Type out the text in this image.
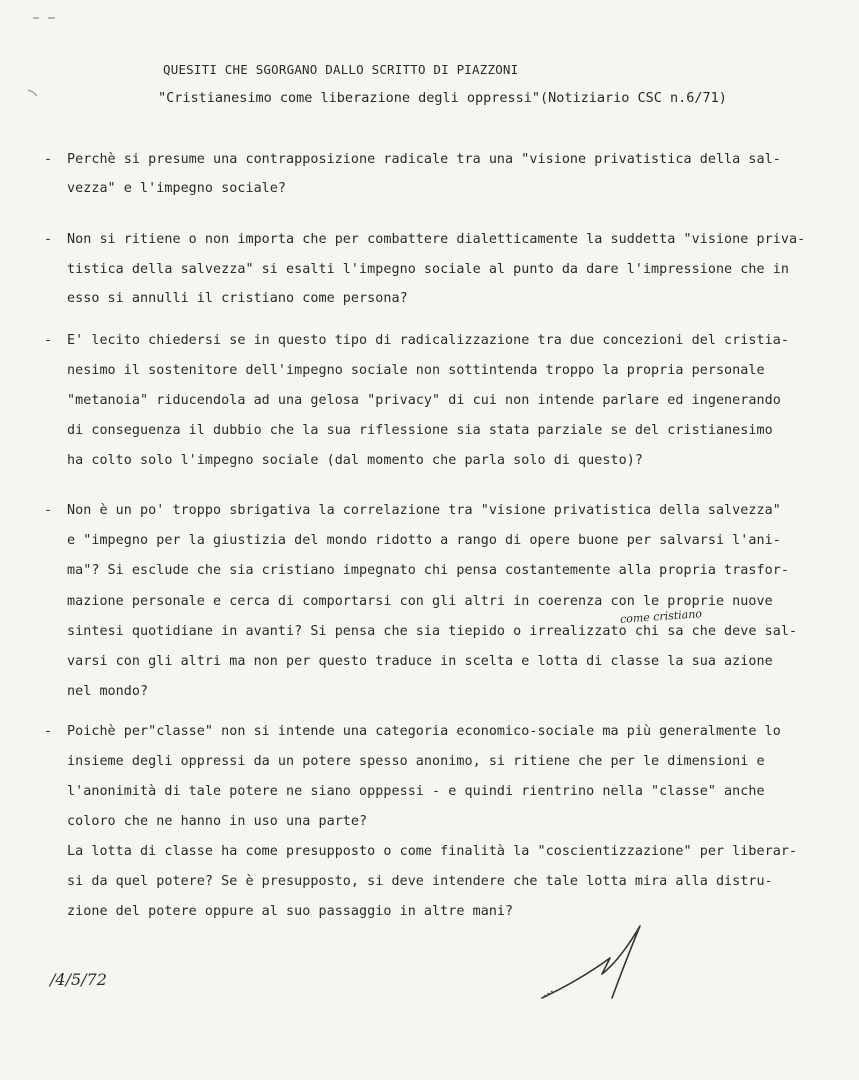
QUESITI CHE SGORGANO DALLO SCRITTO DI PIAZZONI
"Cristianesimo come liberazione degli oppressi"(Notiziario CSC n.6/71)
- Perchè si presume una contrapposizione radicale tra una "visione privatistica della sal-
vezza" e l'impegno sociale?
- Non si ritiene o non importa che per combattere dialetticamente la suddetta "visione priva-
tistica della salvezza" si esalti l'impegno sociale al punto da dare l'impressione che in
esso si annulli il cristiano come persona?
- E' lecito chiedersi se in questo tipo di radicalizzazione tra due concezioni del cristia-
nesimo il sostenitore dell'impegno sociale non sottintenda troppo la propria personale
"metanoia" riducendola ad una gelosa "privacy" di cui non intende parlare ed ingenerando
di conseguenza il dubbio che la sua riflessione sia stata parziale se del cristianesimo
ha colto solo l'impegno sociale (dal momento che parla solo di questo)?
- Non è un po' troppo sbrigativa la correlazione tra "visione privatistica della salvezza"
e "impegno per la giustizia del mondo ridotto a rango di opere buone per salvarsi l'ani-
ma"? Si esclude che sia cristiano impegnato chi pensa costantemente alla propria trasfor-
mazione personale e cerca di comportarsi con gli altri in coerenza con le proprie nuove
sintesi quotidiane in avanti? Si pensa che sia tiepido o irrealizzato chi sa che deve sal-
varsi con gli altri ma non per questo traduce in scelta e lotta di classe la sua azione
nel mondo?
come cristiano
- Poichè per"classe" non si intende una categoria economico-sociale ma più generalmente lo
insieme degli oppressi da un potere spesso anonimo, si ritiene che per le dimensioni e
l'anonimità di tale potere ne siano opppessi - e quindi rientrino nella "classe" anche
coloro che ne hanno in uso una parte?
La lotta di classe ha come presupposto o come finalità la "coscientizzazione" per liberar-
si da quel potere? Se è presupposto, si deve intendere che tale lotta mira alla distru-
zione del potere oppure al suo passaggio in altre mani?
/4/5/72
